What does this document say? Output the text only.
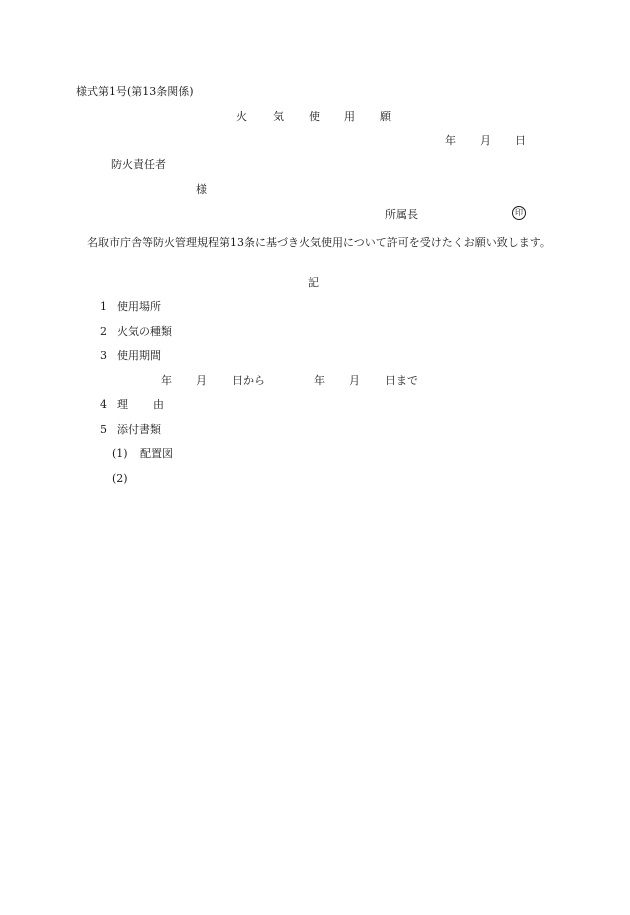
様式第1号(第13条関係)
火 気 使 用 願
年 月 日
防火責任者
様
所属長	印
名取市庁舎等防火管理規程第13条に基づき火気使用について許可を受けたくお願い致します。
記
1 使用場所
2 火気の種類
3 使用期間
年 月 日から	年 月 日まで
4 理 由
5 添付書類
(1) 配置図
(2)
